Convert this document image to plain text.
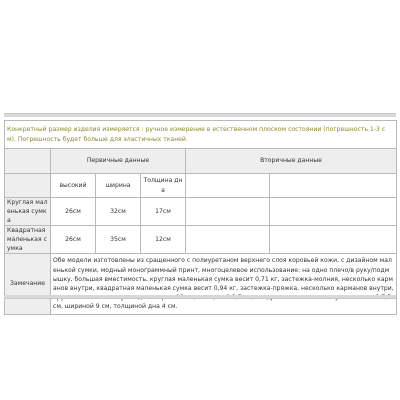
Конкретный размер изделия измеряется : ручное измерение в естественном плоском состоянии (погрешность 1-3 см). Погрешность будет больше для эластичных тканей.					
	Первичные данные			Вторичные данные	
	высокий	ширина	Толщина дна		
Круглая маленькая сумка	26см	32см	17см		
Квадратная маленькая сумка	26см	35см	12см		
Замечание	Обе модели изготовлены из сращенного с полиуретаном верхнего слоя коровьей кожи, с дизайном маленькой сумки, модный монограммный принт, многоцелевое использование: на одно плечо/в руку/подмышку, большая вместимость, круглая маленькая сумка весит 0,71 кг, застежка-молния, несколько карманов внутри, квадратная маленькая сумка весит 0,94 кг, застежка-пряжка, несколько карманов внутри, см, шириной 9 см, толщиной дна 4 см.				
